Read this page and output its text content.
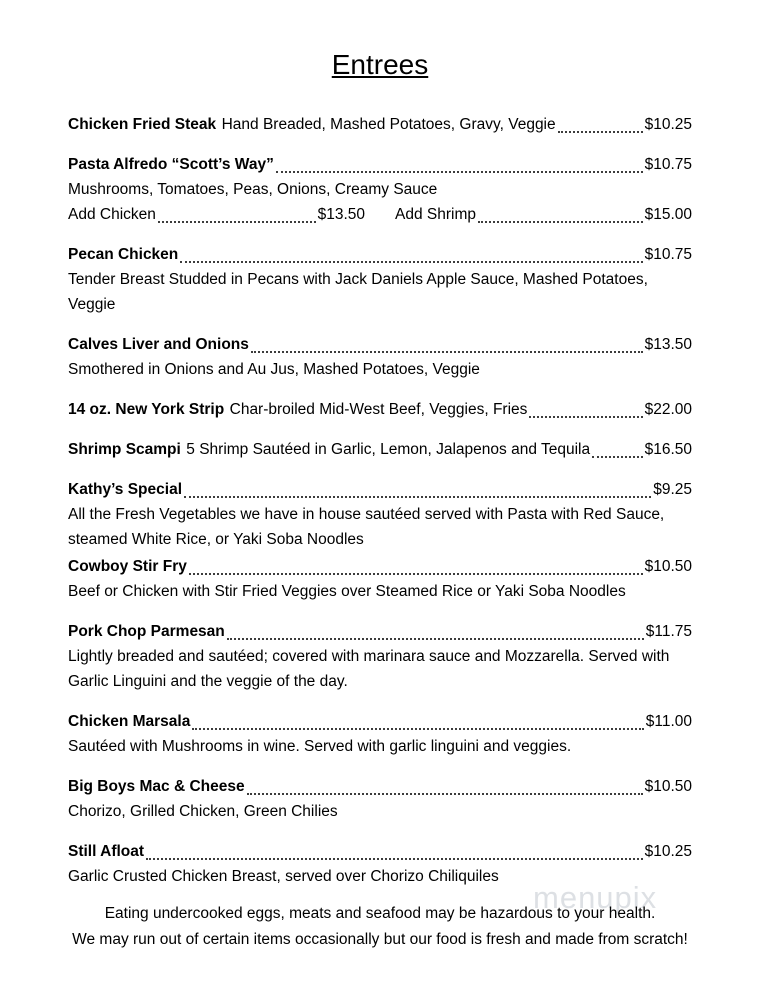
Entrees
Chicken Fried Steak Hand Breaded, Mashed Potatoes, Gravy, Veggie	$10.25
Pasta Alfredo “Scott’s Way”	$10.75

Mushrooms, Tomatoes, Peas, Onions, Creamy Sauce

Add Chicken	$13.50 Add Shrimp	$15.00
Pecan Chicken	$10.75

Tender Breast Studded in Pecans with Jack Daniels Apple Sauce, Mashed Potatoes, Veggie

Calves Liver and Onions	$13.50

Smothered in Onions and Au Jus, Mashed Potatoes, Veggie

14 oz. New York Strip Char-broiled Mid-West Beef, Veggies, Fries	$22.00
Shrimp Scampi 5 Shrimp Sautéed in Garlic, Lemon, Jalapenos and Tequila	$16.50
Kathy’s Special	$9.25

All the Fresh Vegetables we have in house sautéed served with Pasta with Red Sauce, steamed White Rice, or Yaki Soba Noodles

Cowboy Stir Fry	$10.50

Beef or Chicken with Stir Fried Veggies over Steamed Rice or Yaki Soba Noodles

Pork Chop Parmesan	$11.75

Lightly breaded and sautéed; covered with marinara sauce and Mozzarella. Served with Garlic Linguini and the veggie of the day.

Chicken Marsala	$11.00

Sautéed with Mushrooms in wine. Served with garlic linguini and veggies.

Big Boys Mac & Cheese	$10.50

Chorizo, Grilled Chicken, Green Chilies

Still Afloat	$10.25

Garlic Crusted Chicken Breast, served over Chorizo Chiliquiles

Eating undercooked eggs, meats and seafood may be hazardous to your health.

We may run out of certain items occasionally but our food is fresh and made from scratch!

menupix
